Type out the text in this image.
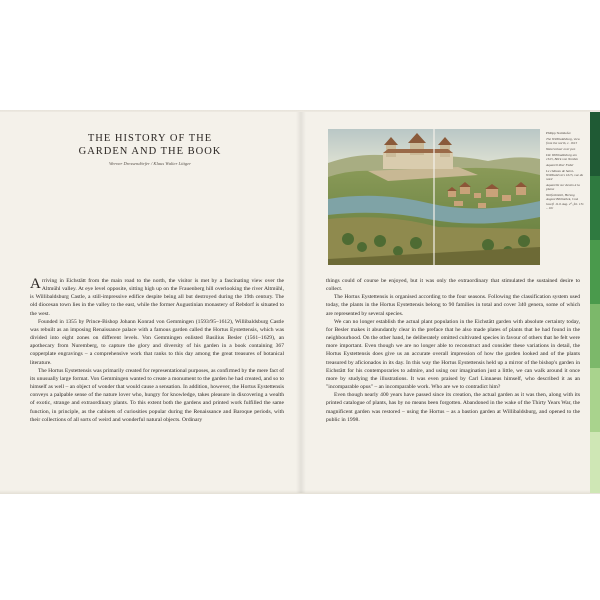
THE HISTORY OF THE GARDEN AND THE BOOK
Werner Dressendörfer / Klaus Walter Littger

Philipp Stainhofer

The Willibaldsburg, view from the north, c. 1615

Watercolour over pen

Die Willibaldsburg um 1615, Blick von Norden

Aquarell über Feder

Le château de Saint-Willibald vers 1615, vue du nord

Aquarelle sur dessin à la plume

Wolfenbüttel, Herzog August Bibliothek, Cod. Guelf. 11.6 Aug. 2°, fol. 15v – 16r

Arriving in Eichstätt from the main road to the north, the visitor is met by a fascinating view over the Altmühl valley. At eye level opposite, sitting high up on the Frauenberg hill overlooking the river Altmühl, is Willibaldsburg Castle, a still-impressive edifice despite being all but destroyed during the 19th century. The old diocesan town lies in the valley to the east, while the former Augustinian monastery of Rebdorf is situated to the west.

Founded in 1355 by Prince-Bishop Johann Konrad von Gemmingen (1593/95–1612), Willibaldsburg Castle was rebuilt as an imposing Renaissance palace with a famous garden called the Hortus Eystettensis, which was divided into eight zones on different levels. Von Gemmingen enlisted Basilius Besler (1561–1629), an apothecary from Nuremberg, to capture the glory and diversity of his garden in a book containing 367 copperplate engravings – a comprehensive work that ranks to this day among the great treasures of botanical literature.

The Hortus Eystettensis was primarily created for representational purposes, as confirmed by the mere fact of its unusually large format. Von Gemmingen wanted to create a monument to the garden he had created, and so to himself as well – an object of wonder that would cause a sensation. In addition, however, the Hortus Eystettensis conveys a palpable sense of the nature lover who, hungry for knowledge, takes pleasure in discovering a wealth of exotic, strange and extraordinary plants. To this extent both the gardens and printed work fulfilled the same function, in principle, as the cabinets of curiosities popular during the Renaissance and Baroque periods, with their collections of all sorts of weird and wonderful natural objects. Ordinary

things could of course be enjoyed, but it was only the extraordinary that stimulated the sustained desire to collect.

The Hortus Eystettensis is organised according to the four seasons. Following the classification system used today, the plants in the Hortus Eystettensis belong to 90 families in total and cover 340 genera, some of which are represented by several species.

We can no longer establish the actual plant population in the Eichstätt garden with absolute certainty today, for Besler makes it abundantly clear in the preface that he also made plates of plants that he had found in the neighbourhood. On the other hand, he deliberately omitted cultivated species in favour of others that he felt were more important. Even though we are no longer able to reconstruct and consider these variations in detail, the Hortus Eystettensis does give us an accurate overall impression of how the garden looked and of the plants treasured by aficionados in its day. In this way the Hortus Eystettensis held up a mirror of the bishop's garden in Eichstätt for his contemporaries to admire, and using our imagination just a little, we can walk around it once more by studying the illustrations. It was even praised by Carl Linnaeus himself, who described it as an "incomparable opus" – an incomparable work. Who are we to contradict him?

Even though nearly 400 years have passed since its creation, the actual garden as it was then, along with its printed catalogue of plants, has by no means been forgotten. Abandoned in the wake of the Thirty Years War, the magnificent garden was restored – using the Hortus – as a bastion garden at Willibaldsburg, and opened to the public in 1998.
